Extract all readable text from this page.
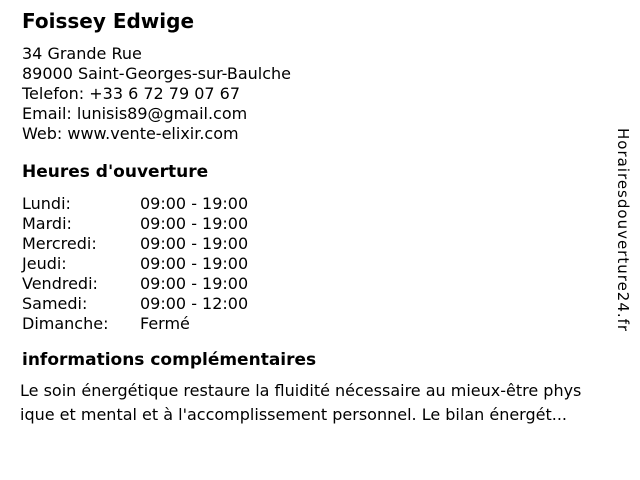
Foissey Edwige
34 Grande Rue
89000 Saint-Georges-sur-Baulche
Telefon: +33 6 72 79 07 67
Email: lunisis89@gmail.com
Web: www.vente-elixir.com
Heures d'ouverture
Lundi:	09:00 - 19:00
Mardi:	09:00 - 19:00
Mercredi:	09:00 - 19:00
Jeudi:	09:00 - 19:00
Vendredi:	09:00 - 19:00
Samedi:	09:00 - 12:00
Dimanche:	Fermé
informations complémentaires
Le soin énergétique restaure la fluidité nécessaire au mieux-être phys
ique et mental et à l'accomplissement personnel. Le bilan énergét...
Horairesdouverture24.fr
